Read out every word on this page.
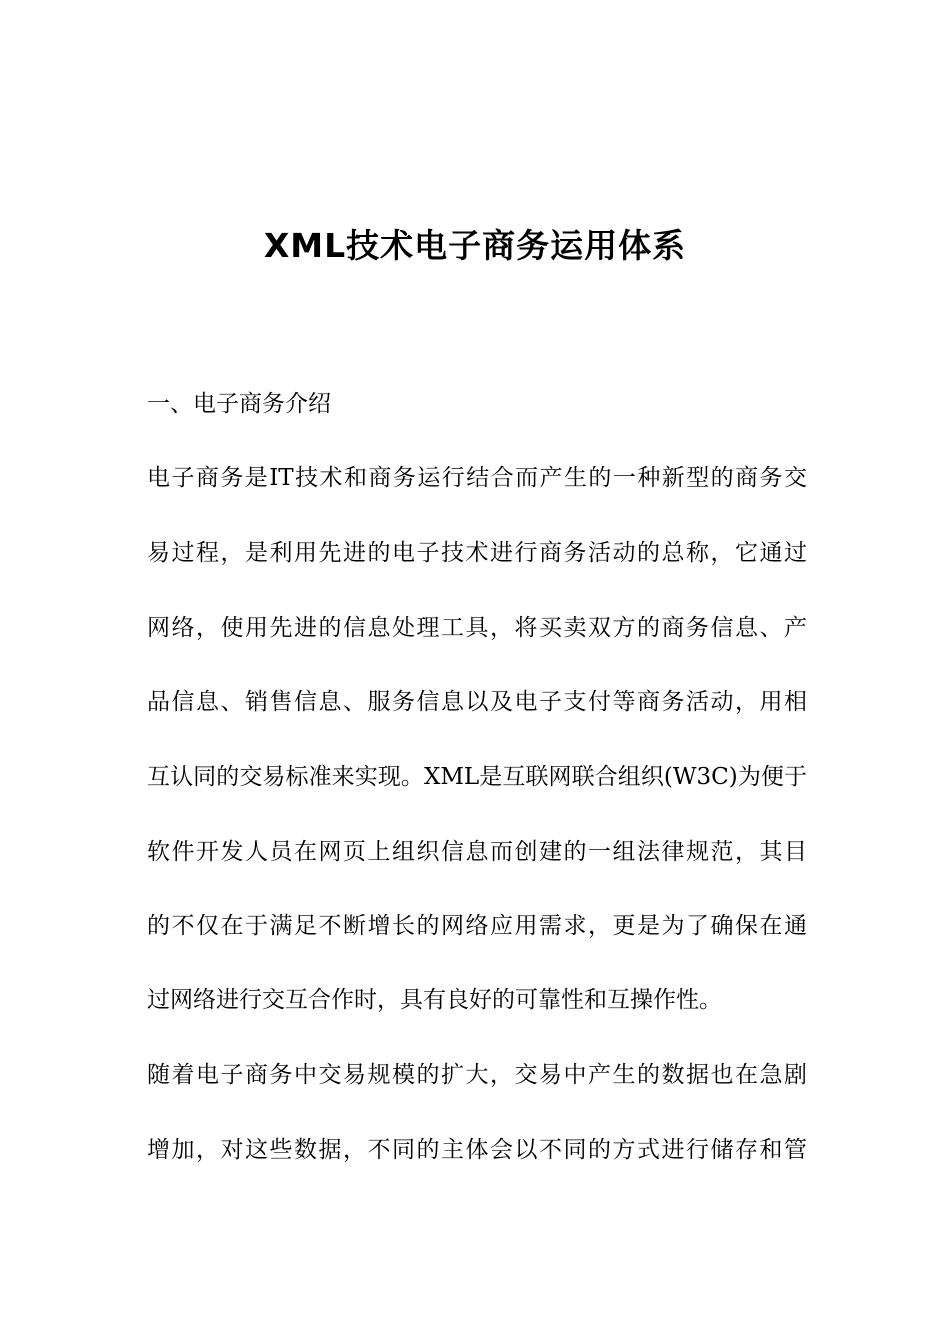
XML技术电子商务运用体系
一、电子商务介绍
电子商务是IT技术和商务运行结合而产生的一种新型的商务交
易过程，是利用先进的电子技术进行商务活动的总称，它通过
网络，使用先进的信息处理工具，将买卖双方的商务信息、产
品信息、销售信息、服务信息以及电子支付等商务活动，用相
互认同的交易标准来实现。XML是互联网联合组织(W3C)为便于
软件开发人员在网页上组织信息而创建的一组法律规范，其目
的不仅在于满足不断增长的网络应用需求，更是为了确保在通
过网络进行交互合作时，具有良好的可靠性和互操作性。
随着电子商务中交易规模的扩大，交易中产生的数据也在急剧
增加，对这些数据，不同的主体会以不同的方式进行储存和管
